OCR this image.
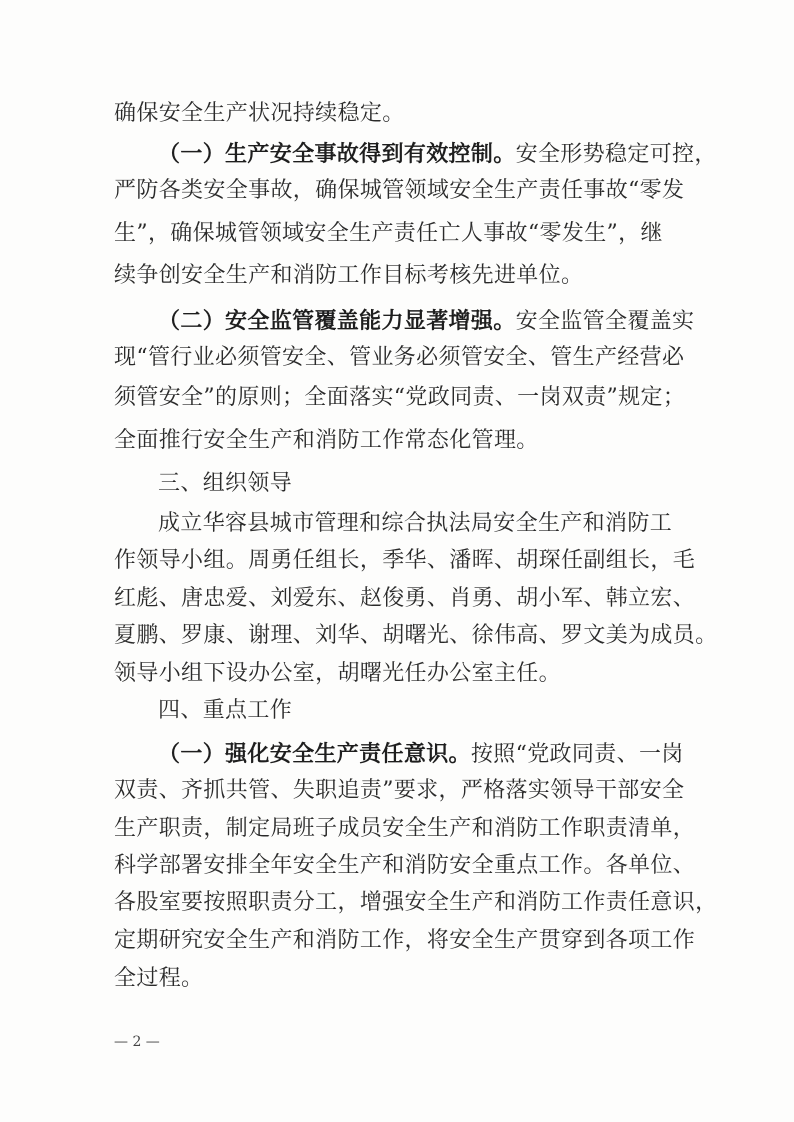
确保安全生产状况持续稳定。
（一）生产安全事故得到有效控制。安全形势稳定可控，
严防各类安全事故，确保城管领域安全生产责任事故“零发
生”，确保城管领域安全生产责任亡人事故“零发生”，继
续争创安全生产和消防工作目标考核先进单位。
（二）安全监管覆盖能力显著增强。安全监管全覆盖实
现“管行业必须管安全、管业务必须管安全、管生产经营必
须管安全”的原则；全面落实“党政同责、一岗双责”规定；
全面推行安全生产和消防工作常态化管理。
三、组织领导
成立华容县城市管理和综合执法局安全生产和消防工
作领导小组。周勇任组长，季华、潘晖、胡琛任副组长，毛
红彪、唐忠爱、刘爱东、赵俊勇、肖勇、胡小军、韩立宏、
夏鹏、罗康、谢理、刘华、胡曙光、徐伟高、罗文美为成员。
领导小组下设办公室，胡曙光任办公室主任。
四、重点工作
（一）强化安全生产责任意识。按照“党政同责、一岗
双责、齐抓共管、失职追责”要求，严格落实领导干部安全
生产职责，制定局班子成员安全生产和消防工作职责清单，
科学部署安排全年安全生产和消防安全重点工作。各单位、
各股室要按照职责分工，增强安全生产和消防工作责任意识，
定期研究安全生产和消防工作，将安全生产贯穿到各项工作
全过程。
— 2 —
